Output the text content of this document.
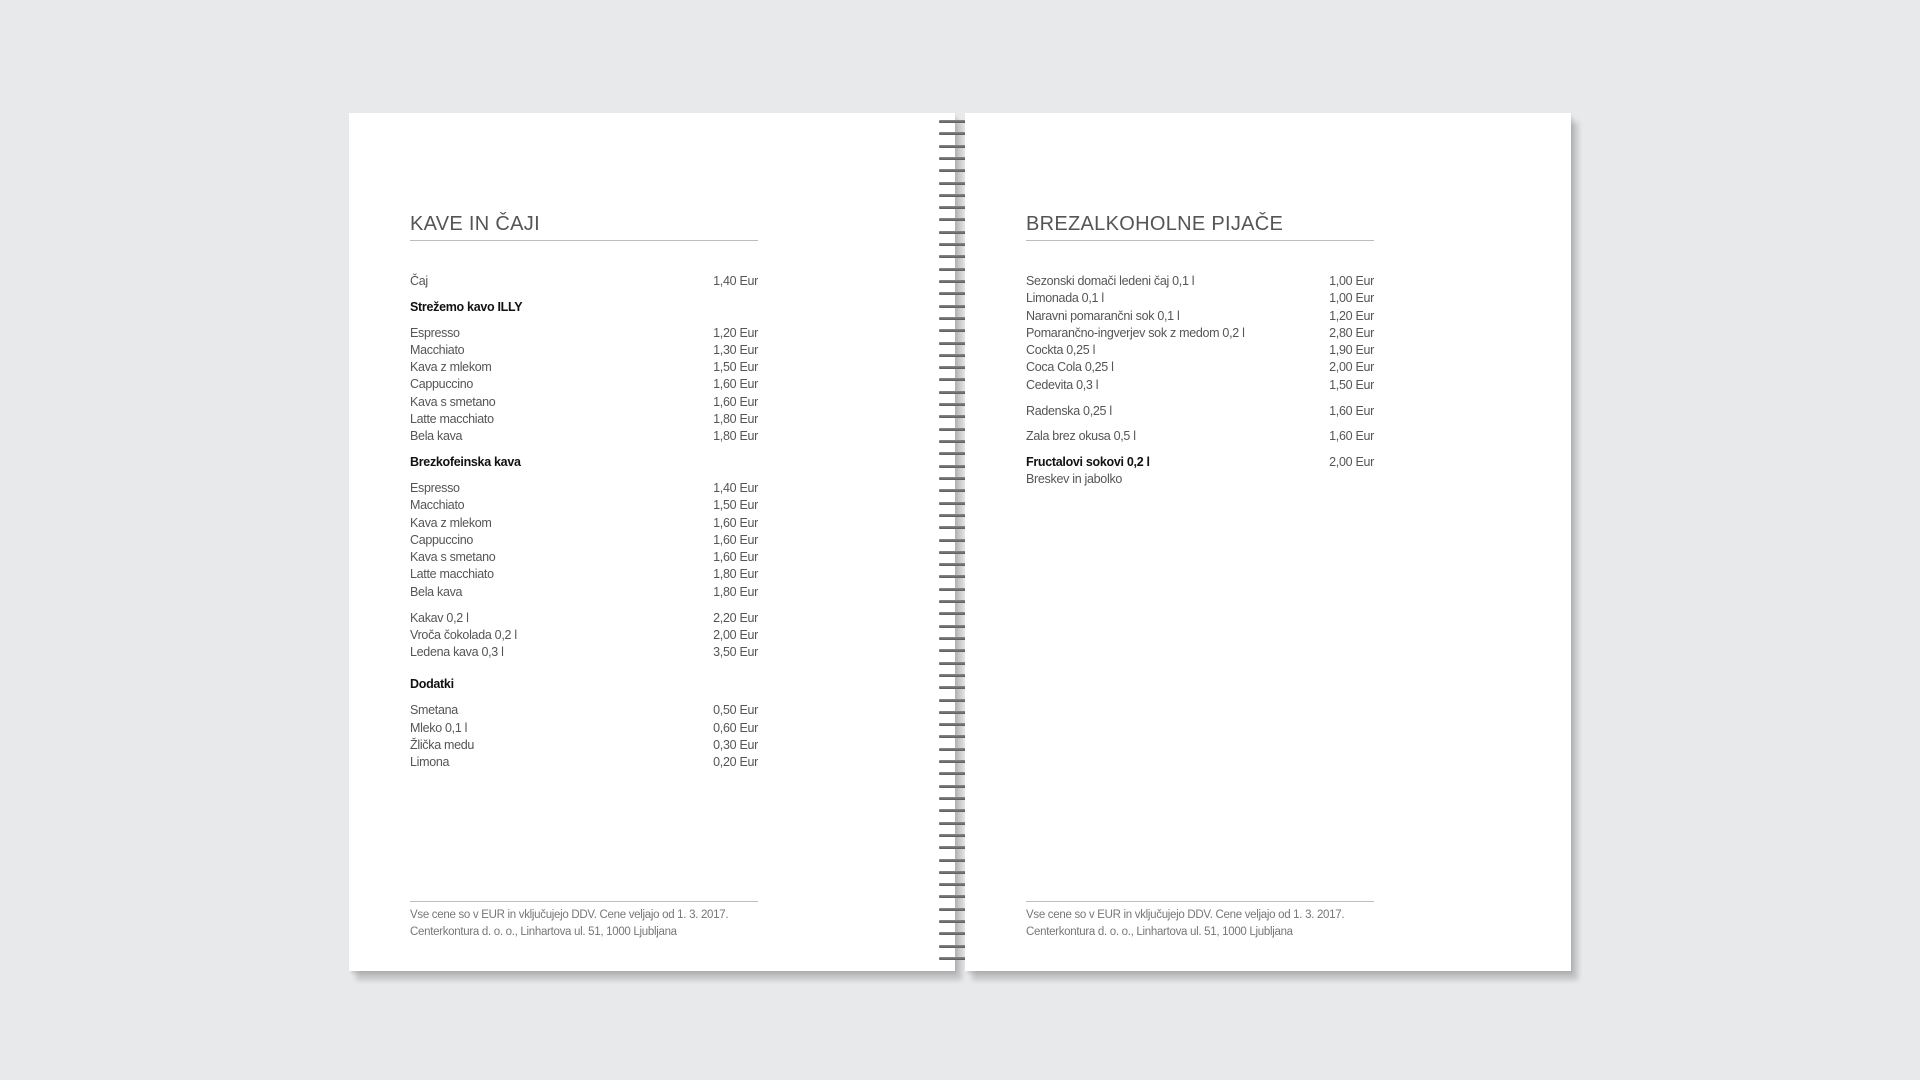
KAVE IN ČAJI
Čaj	1,40 Eur
Strežemo kavo ILLY
Espresso	1,20 Eur
Macchiato	1,30 Eur
Kava z mlekom	1,50 Eur
Cappuccino	1,60 Eur
Kava s smetano	1,60 Eur
Latte macchiato	1,80 Eur
Bela kava	1,80 Eur
Brezkofeinska kava
Espresso	1,40 Eur
Macchiato	1,50 Eur
Kava z mlekom	1,60 Eur
Cappuccino	1,60 Eur
Kava s smetano	1,60 Eur
Latte macchiato	1,80 Eur
Bela kava	1,80 Eur
Kakav 0,2 l	2,20 Eur
Vroča čokolada 0,2 l	2,00 Eur
Ledena kava 0,3 l	3,50 Eur
Dodatki
Smetana	0,50 Eur
Mleko 0,1 l	0,60 Eur
Žlička medu	0,30 Eur
Limona	0,20 Eur
Vse cene so v EUR in vključujejo DDV. Cene veljajo od 1. 3. 2017.
Centerkontura d. o. o., Linhartova ul. 51, 1000 Ljubljana
BREZALKOHOLNE PIJAČE
Sezonski domači ledeni čaj 0,1 l	1,00 Eur
Limonada 0,1 l	1,00 Eur
Naravni pomarančni sok 0,1 l	1,20 Eur
Pomarančno-ingverjev sok z medom 0,2 l	2,80 Eur
Cockta 0,25 l	1,90 Eur
Coca Cola 0,25 l	2,00 Eur
Cedevita 0,3 l	1,50 Eur
Radenska 0,25 l	1,60 Eur
Zala brez okusa 0,5 l	1,60 Eur
Fructalovi sokovi 0,2 l	2,00 Eur
Breskev in jabolko
Vse cene so v EUR in vključujejo DDV. Cene veljajo od 1. 3. 2017.
Centerkontura d. o. o., Linhartova ul. 51, 1000 Ljubljana
